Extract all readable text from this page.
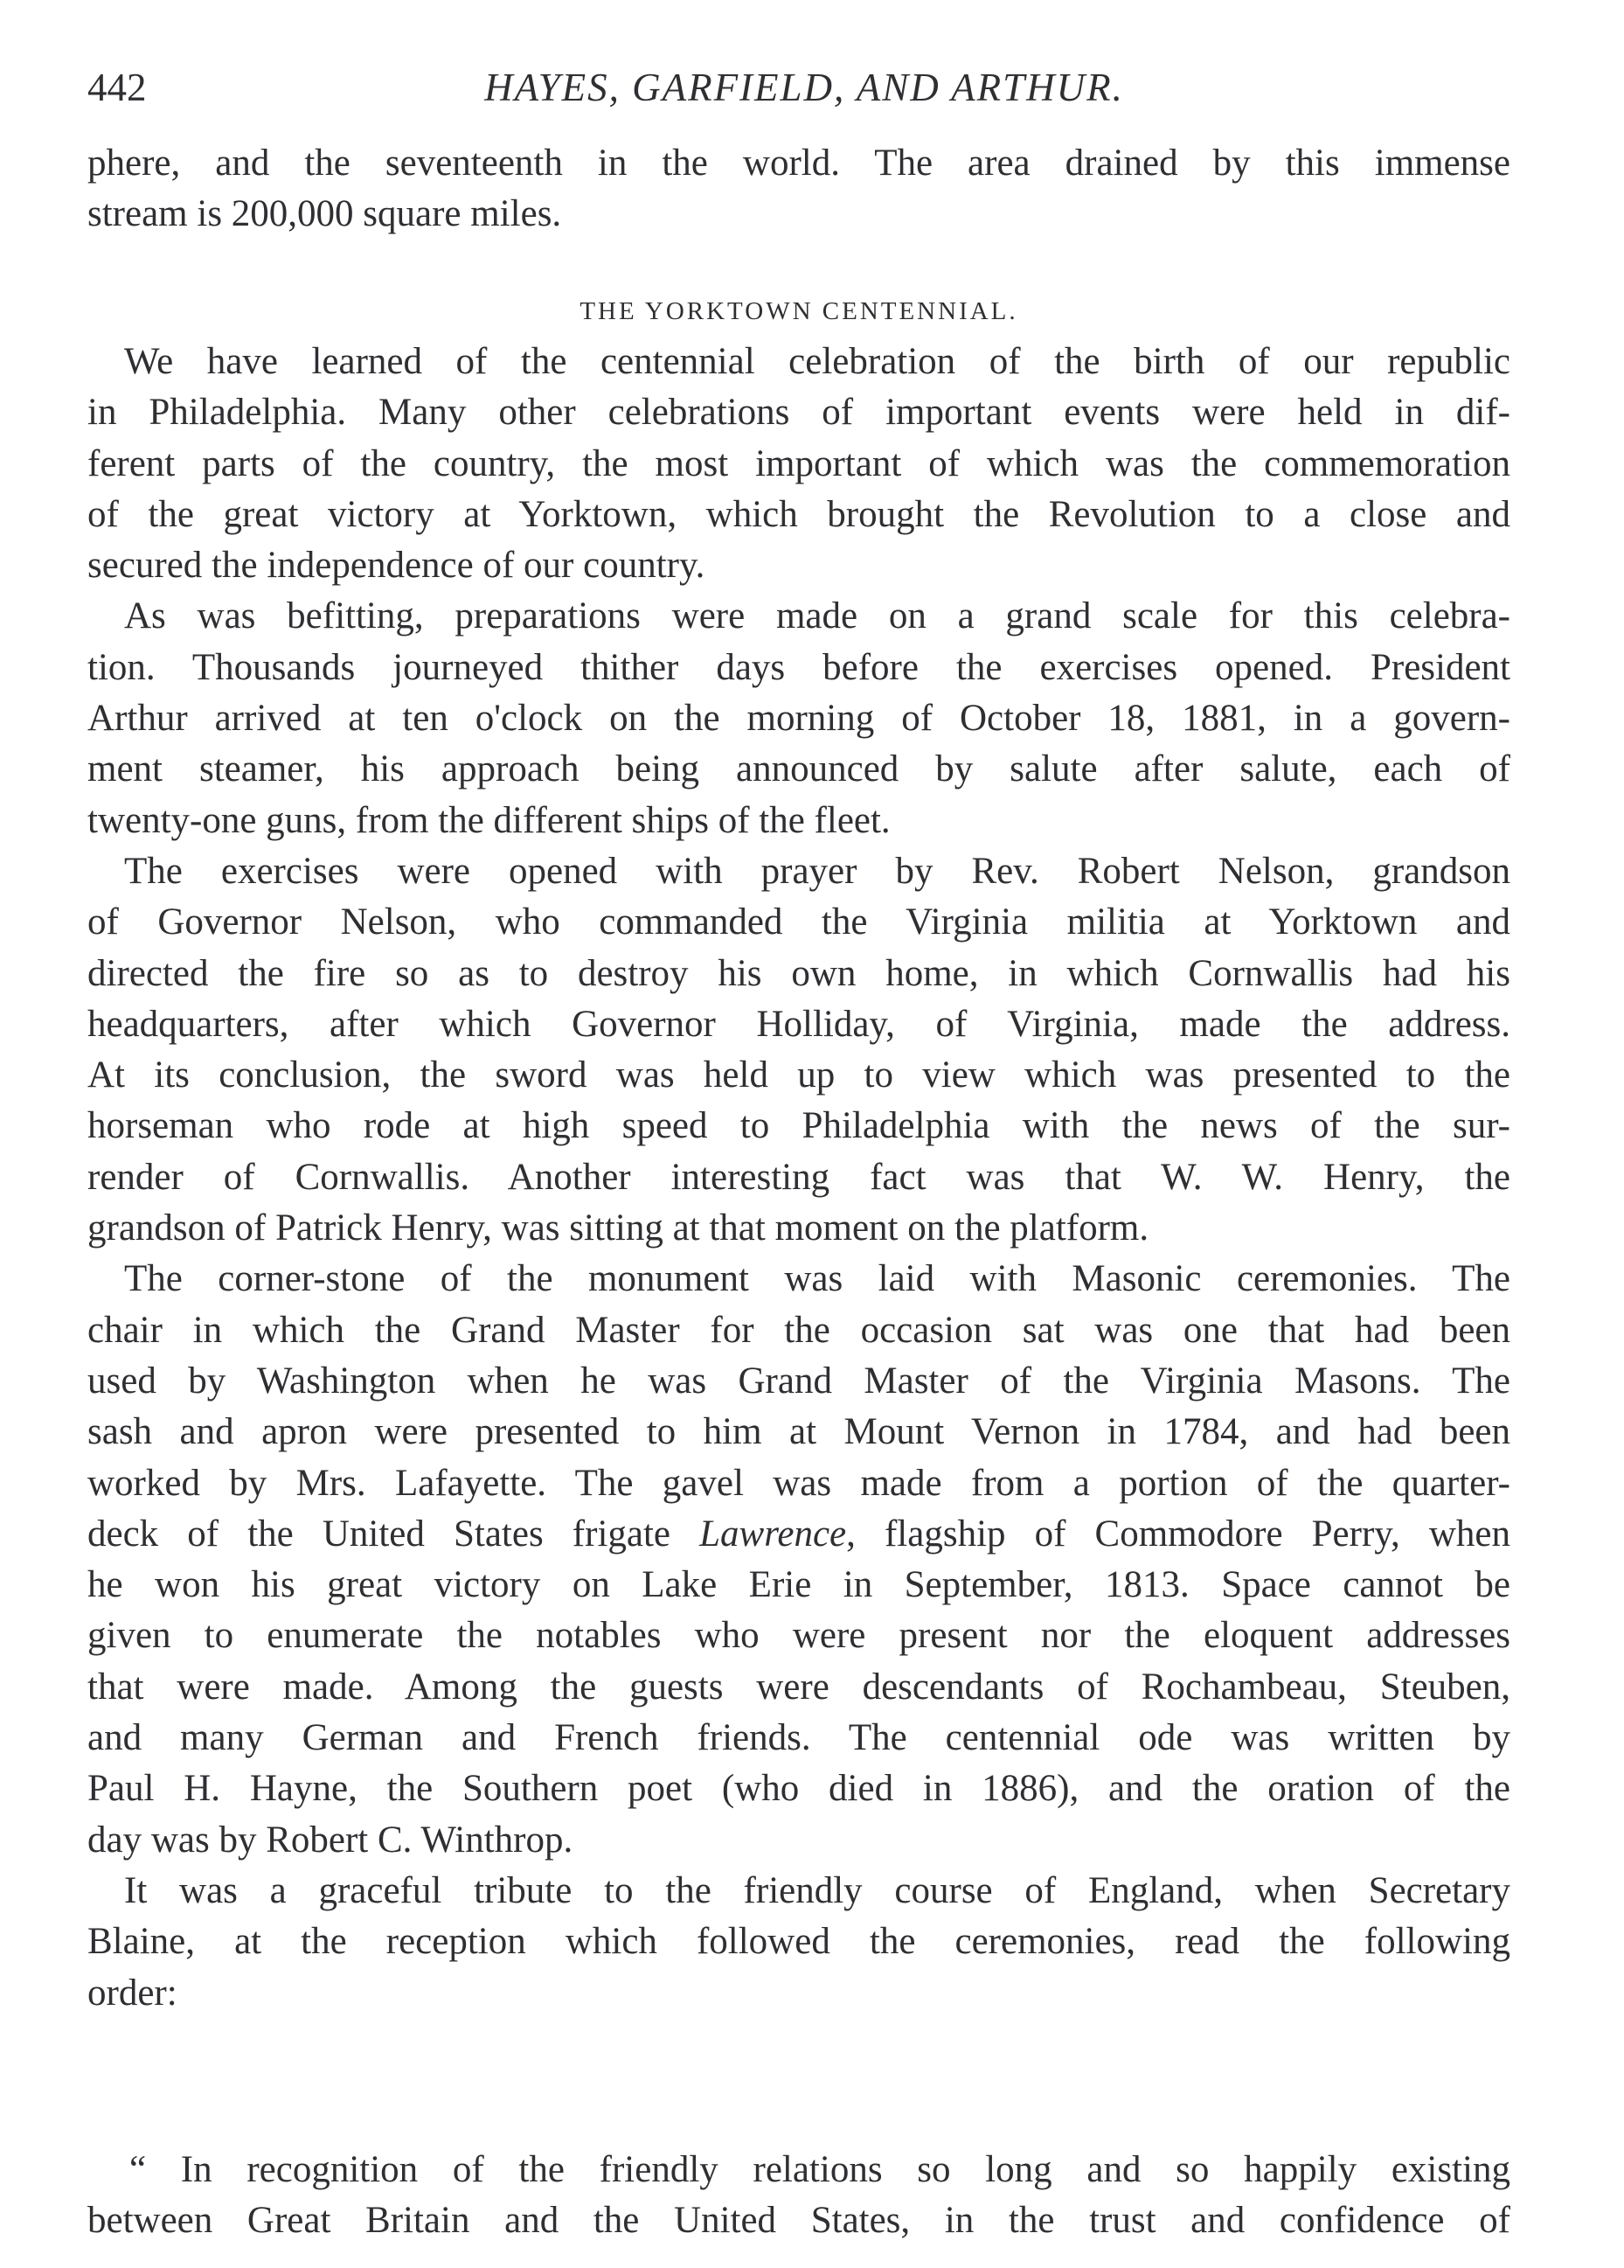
442	HAYES, GARFIELD, AND ARTHUR.
phere, and the seventeenth in the world. The area drained by this immense
stream is 200,000 square miles.
THE YORKTOWN CENTENNIAL.
We have learned of the centennial celebration of the birth of our republic
in Philadelphia. Many other celebrations of important events were held in dif-
ferent parts of the country, the most important of which was the commemoration
of the great victory at Yorktown, which brought the Revolution to a close and
secured the independence of our country.
As was befitting, preparations were made on a grand scale for this celebra-
tion. Thousands journeyed thither days before the exercises opened. President
Arthur arrived at ten o'clock on the morning of October 18, 1881, in a govern-
ment steamer, his approach being announced by salute after salute, each of
twenty-one guns, from the different ships of the fleet.
The exercises were opened with prayer by Rev. Robert Nelson, grandson
of Governor Nelson, who commanded the Virginia militia at Yorktown and
directed the fire so as to destroy his own home, in which Cornwallis had his
headquarters, after which Governor Holliday, of Virginia, made the address.
At its conclusion, the sword was held up to view which was presented to the
horseman who rode at high speed to Philadelphia with the news of the sur-
render of Cornwallis. Another interesting fact was that W. W. Henry, the
grandson of Patrick Henry, was sitting at that moment on the platform.
The corner-stone of the monument was laid with Masonic ceremonies. The
chair in which the Grand Master for the occasion sat was one that had been
used by Washington when he was Grand Master of the Virginia Masons. The
sash and apron were presented to him at Mount Vernon in 1784, and had been
worked by Mrs. Lafayette. The gavel was made from a portion of the quarter-
deck of the United States frigate Lawrence, flagship of Commodore Perry, when
he won his great victory on Lake Erie in September, 1813. Space cannot be
given to enumerate the notables who were present nor the eloquent addresses
that were made. Among the guests were descendants of Rochambeau, Steuben,
and many German and French friends. The centennial ode was written by
Paul H. Hayne, the Southern poet (who died in 1886), and the oration of the
day was by Robert C. Winthrop.
It was a graceful tribute to the friendly course of England, when Secretary
Blaine, at the reception which followed the ceremonies, read the following
order:
“ In recognition of the friendly relations so long and so happily existing
between Great Britain and the United States, in the trust and confidence of
